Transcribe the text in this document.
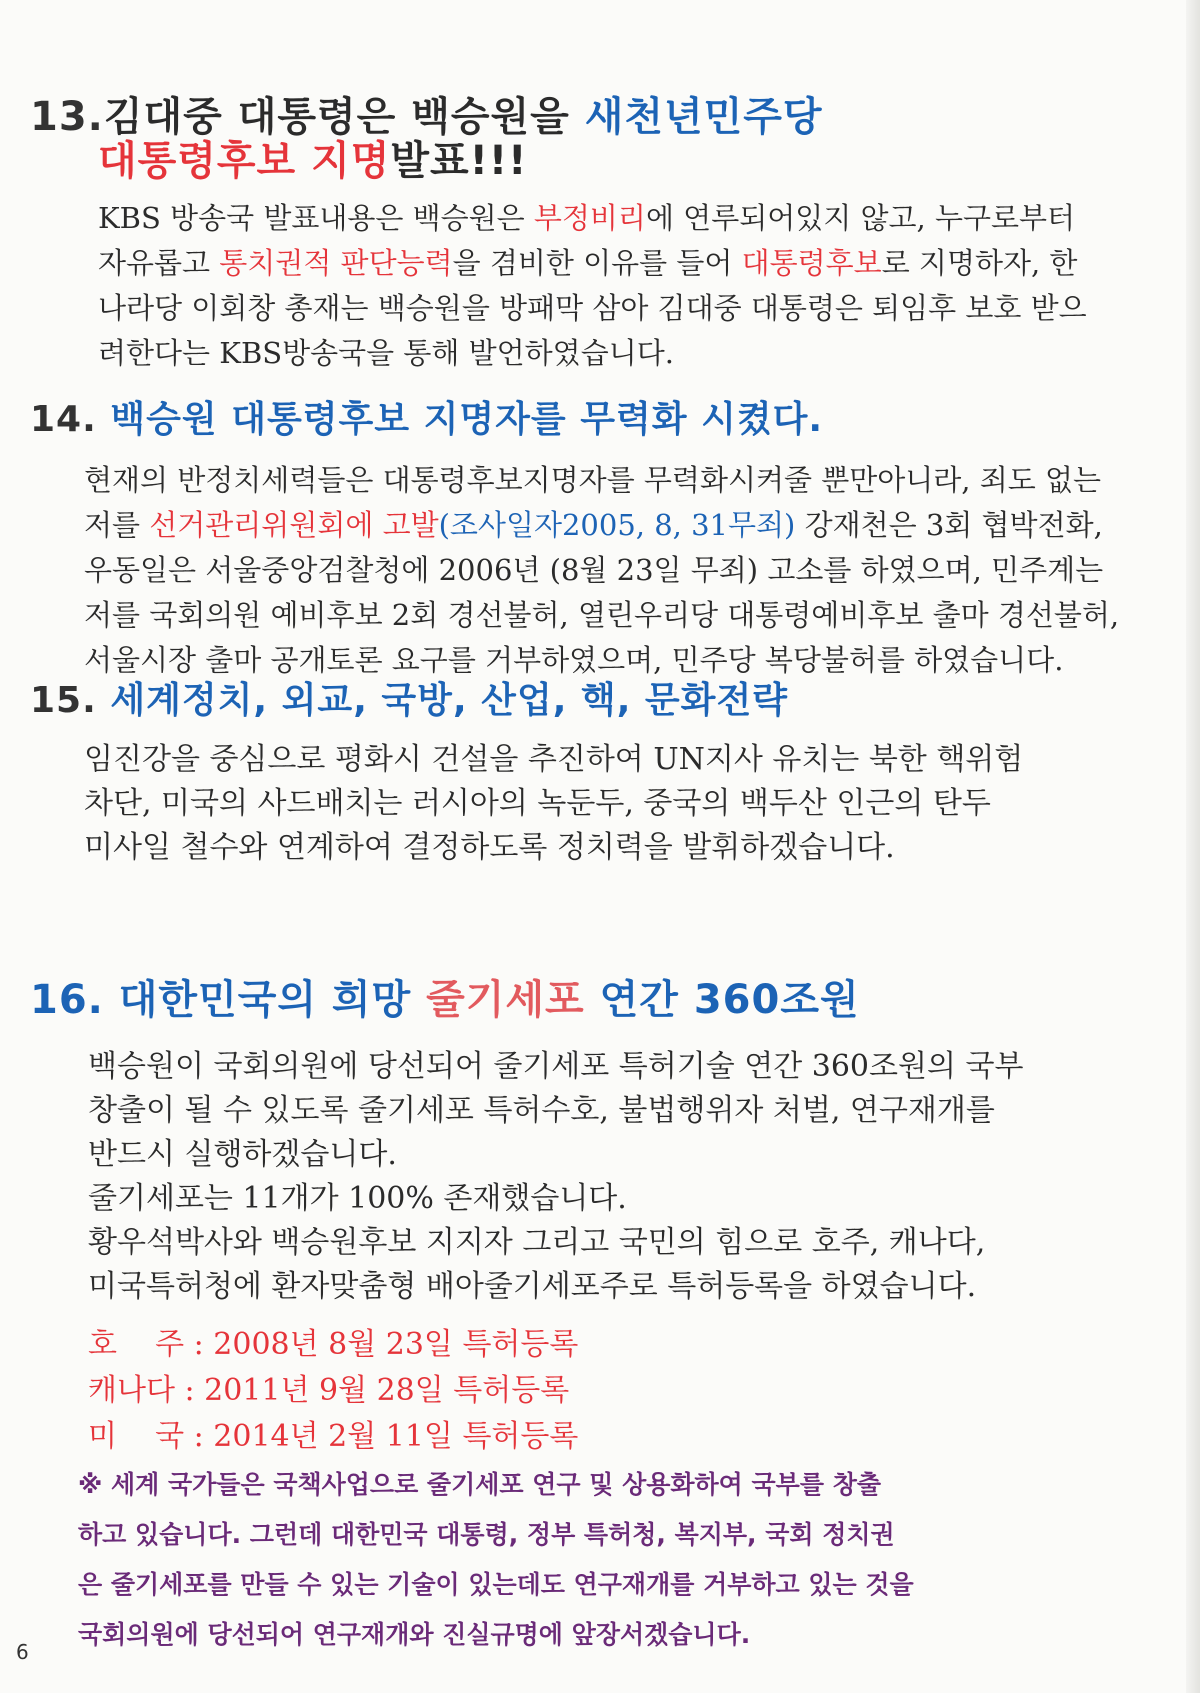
13.김대중 대통령은 백승원을 새천년민주당
대통령후보 지명발표!!!
KBS 방송국 발표내용은 백승원은 부정비리에 연루되어있지 않고, 누구로부터
자유롭고 통치권적 판단능력을 겸비한 이유를 들어 대통령후보로 지명하자, 한
나라당 이회창 총재는 백승원을 방패막 삼아 김대중 대통령은 퇴임후 보호 받으
려한다는 KBS방송국을 통해 발언하였습니다.
14. 백승원 대통령후보 지명자를 무력화 시켰다.
현재의 반정치세력들은 대통령후보지명자를 무력화시켜줄 뿐만아니라, 죄도 없는
저를 선거관리위원회에 고발(조사일자2005, 8, 31무죄) 강재천은 3회 협박전화,
우동일은 서울중앙검찰청에 2006년 (8월 23일 무죄) 고소를 하였으며, 민주계는
저를 국회의원 예비후보 2회 경선불허, 열린우리당 대통령예비후보 출마 경선불허,
서울시장 출마 공개토론 요구를 거부하였으며, 민주당 복당불허를 하였습니다.
15. 세계정치, 외교, 국방, 산업, 핵, 문화전략
임진강을 중심으로 평화시 건설을 추진하여 UN지사 유치는 북한 핵위험
차단, 미국의 사드배치는 러시아의 녹둔두, 중국의 백두산 인근의 탄두
미사일 철수와 연계하여 결정하도록 정치력을 발휘하겠습니다.
16. 대한민국의 희망 줄기세포 연간 360조원
백승원이 국회의원에 당선되어 줄기세포 특허기술 연간 360조원의 국부
창출이 될 수 있도록 줄기세포 특허수호, 불법행위자 처벌, 연구재개를
반드시 실행하겠습니다.
줄기세포는 11개가 100% 존재했습니다.
황우석박사와 백승원후보 지지자 그리고 국민의 힘으로 호주, 캐나다,
미국특허청에 환자맞춤형 배아줄기세포주로 특허등록을 하였습니다.
호    주 : 2008년 8월 23일 특허등록
캐나다 : 2011년 9월 28일 특허등록
미    국 : 2014년 2월 11일 특허등록
※ 세계 국가들은 국책사업으로 줄기세포 연구 및 상용화하여 국부를 창출
하고 있습니다. 그런데 대한민국 대통령, 정부 특허청, 복지부, 국회 정치권
은 줄기세포를 만들 수 있는 기술이 있는데도 연구재개를 거부하고 있는 것을
국회의원에 당선되어 연구재개와 진실규명에 앞장서겠습니다.
6
